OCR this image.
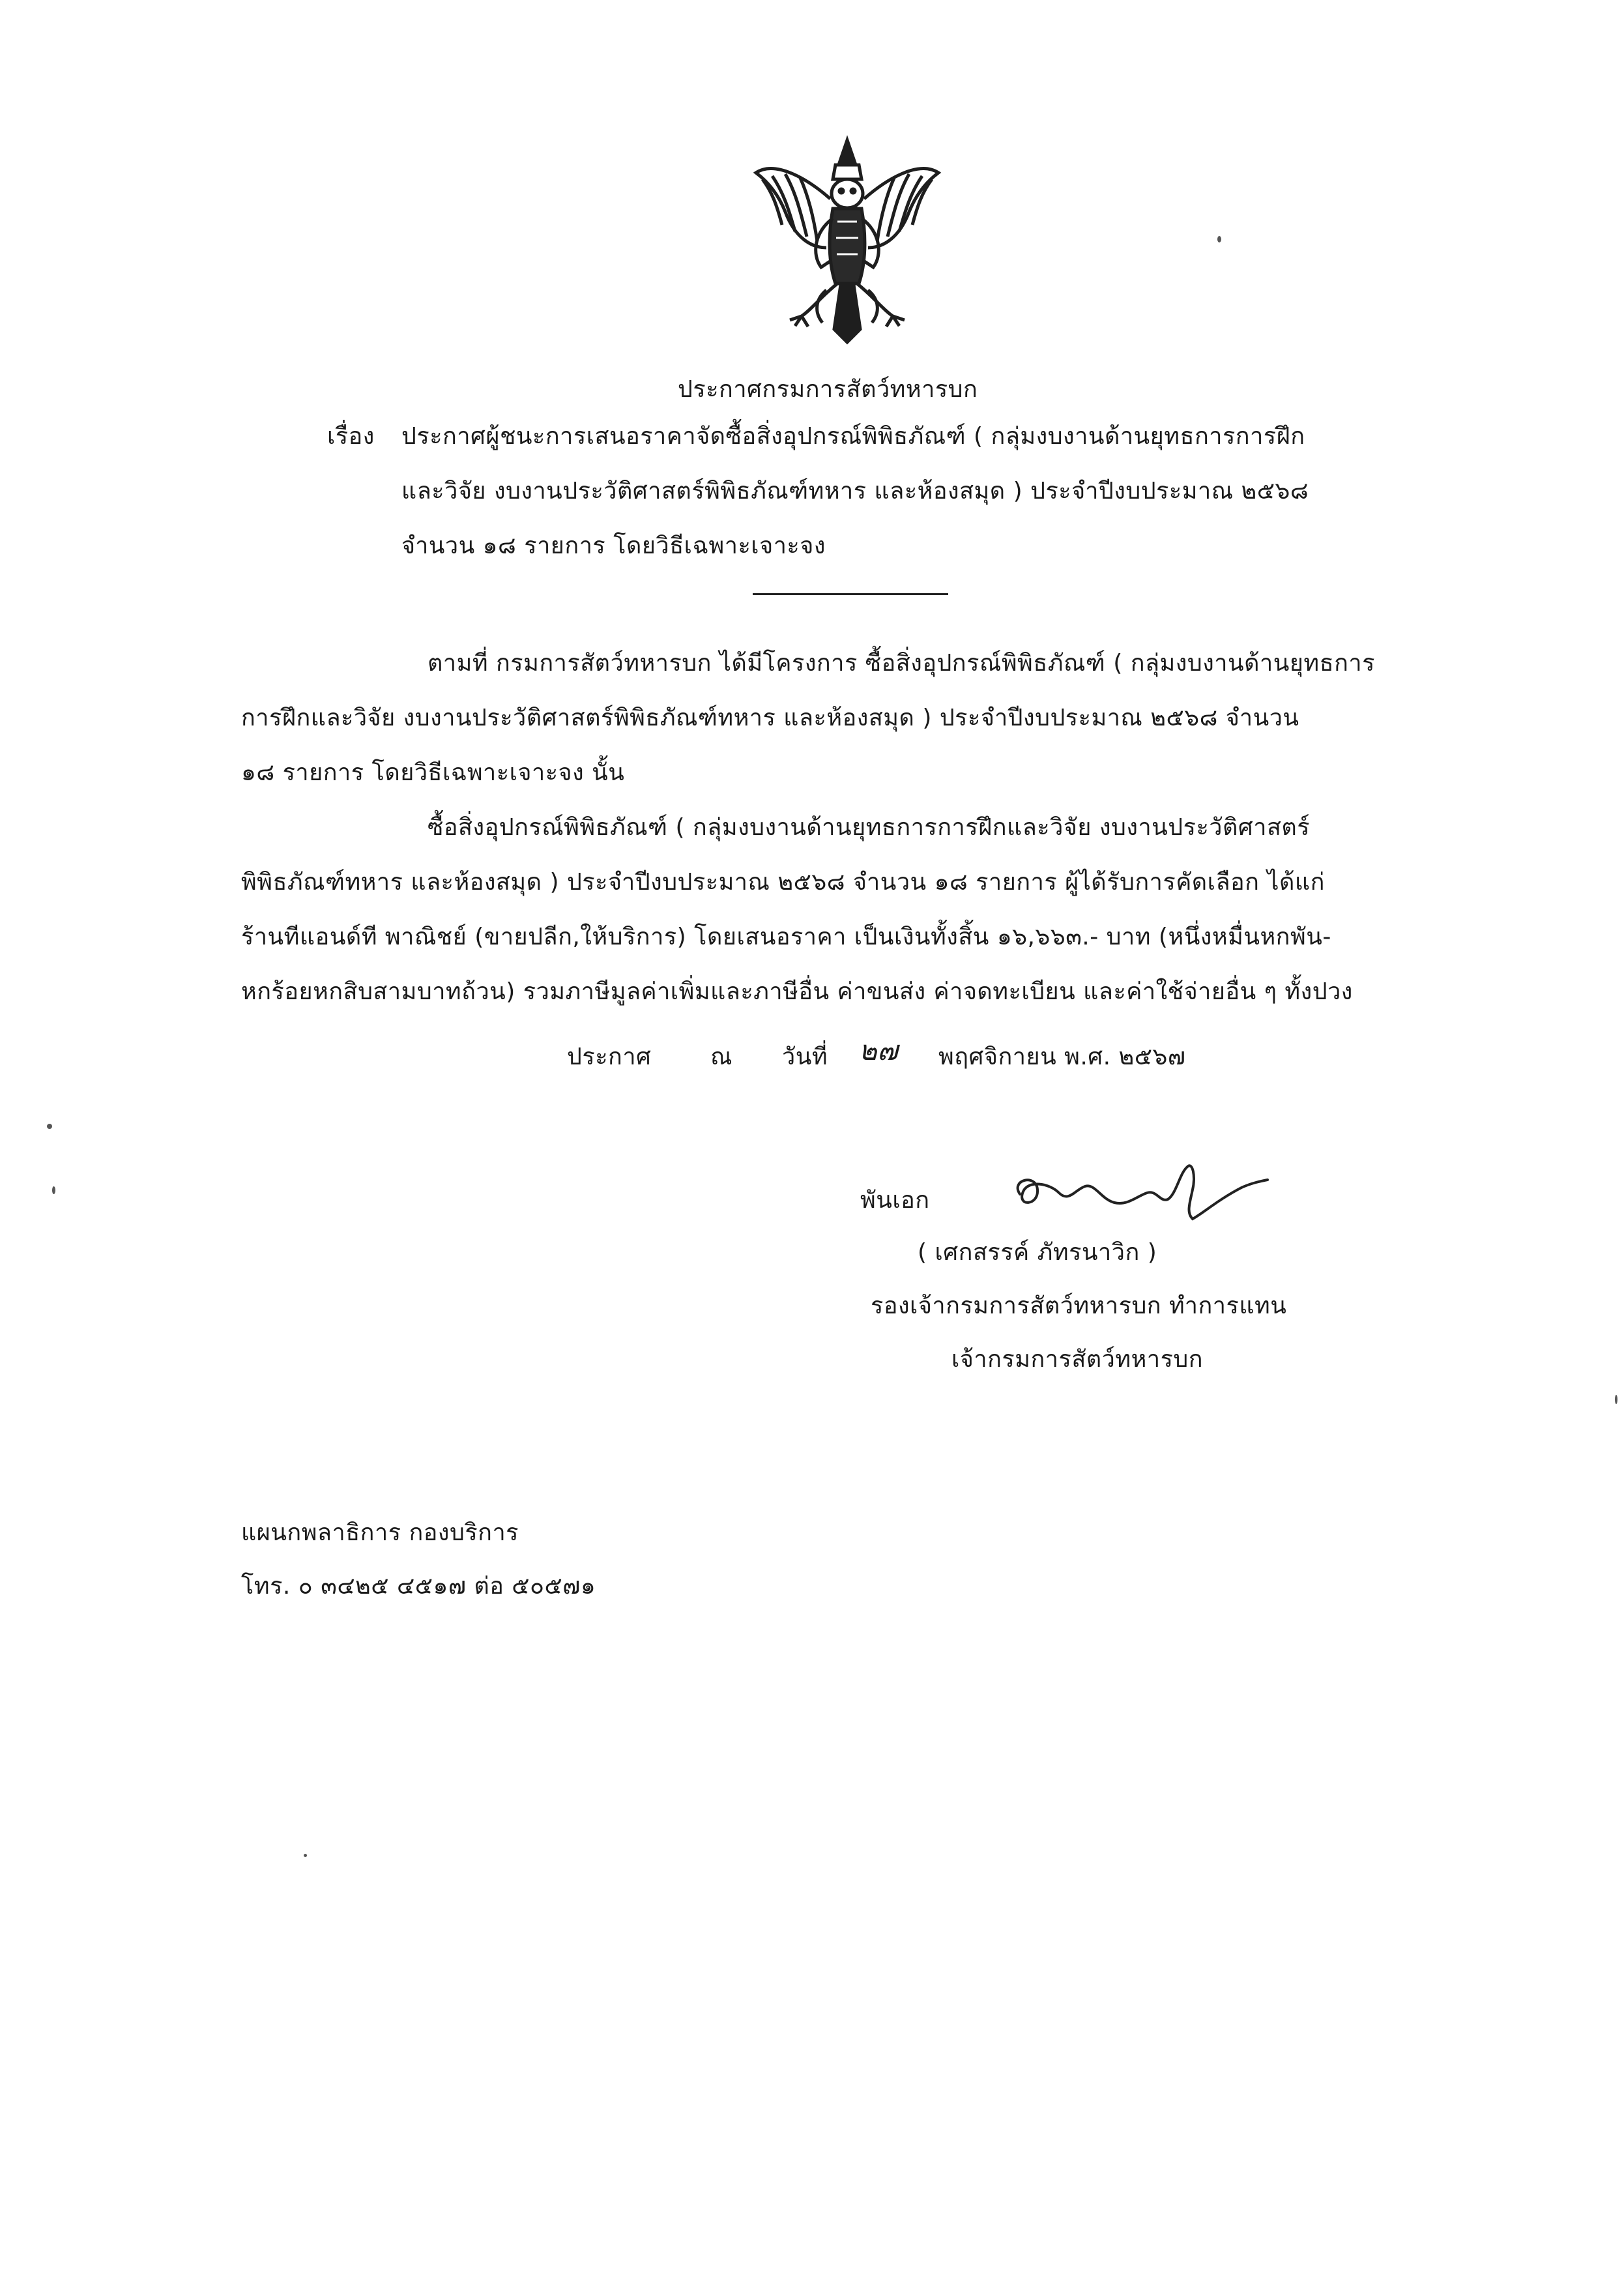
ประกาศกรมการสัตว์ทหารบก
เรื่อง ประกาศผู้ชนะการเสนอราคาจัดซื้อสิ่งอุปกรณ์พิพิธภัณฑ์ ( กลุ่มงบงานด้านยุทธการการฝึก
และวิจัย งบงานประวัติศาสตร์พิพิธภัณฑ์ทหาร และห้องสมุด ) ประจำปีงบประมาณ ๒๕๖๘
จำนวน ๑๘ รายการ โดยวิธีเฉพาะเจาะจง
ตามที่ กรมการสัตว์ทหารบก ได้มีโครงการ ซื้อสิ่งอุปกรณ์พิพิธภัณฑ์ ( กลุ่มงบงานด้านยุทธการ
การฝึกและวิจัย งบงานประวัติศาสตร์พิพิธภัณฑ์ทหาร และห้องสมุด ) ประจำปีงบประมาณ ๒๕๖๘ จำนวน
๑๘ รายการ โดยวิธีเฉพาะเจาะจง นั้น
ซื้อสิ่งอุปกรณ์พิพิธภัณฑ์ ( กลุ่มงบงานด้านยุทธการการฝึกและวิจัย งบงานประวัติศาสตร์
พิพิธภัณฑ์ทหาร และห้องสมุด ) ประจำปีงบประมาณ ๒๕๖๘ จำนวน ๑๘ รายการ ผู้ได้รับการคัดเลือก ได้แก่
ร้านทีแอนด์ที พาณิชย์ (ขายปลีก,ให้บริการ) โดยเสนอราคา เป็นเงินทั้งสิ้น ๑๖,๖๖๓.- บาท (หนึ่งหมื่นหกพัน-
หกร้อยหกสิบสามบาทถ้วน) รวมภาษีมูลค่าเพิ่มและภาษีอื่น ค่าขนส่ง ค่าจดทะเบียน และค่าใช้จ่ายอื่น ๆ ทั้งปวง
ประกาศ	ณ วันที่ ๒๗ พฤศจิกายน พ.ศ. ๒๕๖๗
พันเอก
( เศกสรรค์ ภัทรนาวิก )
รองเจ้ากรมการสัตว์ทหารบก ทำการแทน
เจ้ากรมการสัตว์ทหารบก
แผนกพลาธิการ กองบริการ
โทร. ๐ ๓๔๒๕ ๔๕๑๗ ต่อ ๕๐๕๗๑
